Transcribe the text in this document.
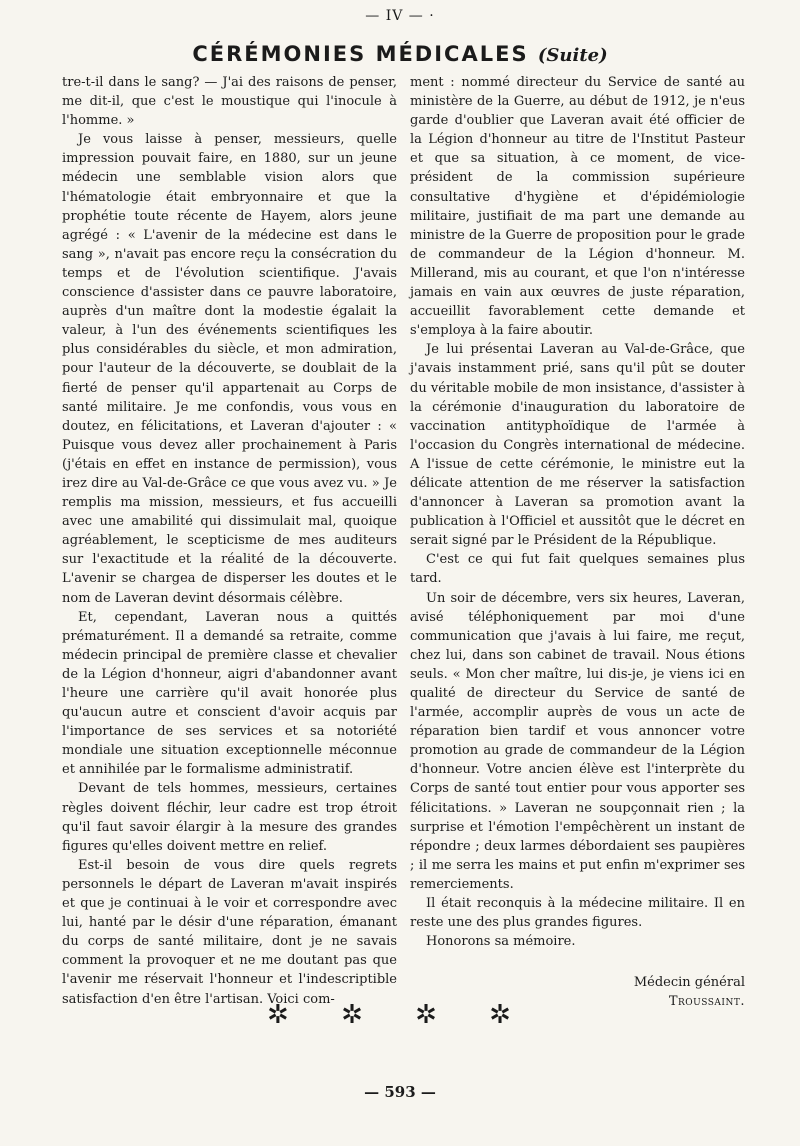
— IV — ·
CÉRÉMONIES MÉDICALES (Suite)

tre-t-il dans le sang? — J'ai des raisons de penser, me dit-il, que c'est le moustique qui l'inocule à l'homme. »

Je vous laisse à penser, messieurs, quelle impression pouvait faire, en 1880, sur un jeune médecin une semblable vision alors que l'hématologie était embryonnaire et que la prophétie toute récente de Hayem, alors jeune agrégé : « L'avenir de la médecine est dans le sang », n'avait pas encore reçu la consécration du temps et de l'évolution scientifique. J'avais conscience d'assister dans ce pauvre laboratoire, auprès d'un maître dont la modestie égalait la valeur, à l'un des événements scientifiques les plus considérables du siècle, et mon admiration, pour l'auteur de la découverte, se doublait de la fierté de penser qu'il appartenait au Corps de santé militaire. Je me confondis, vous vous en doutez, en félicitations, et Laveran d'ajouter : « Puisque vous devez aller prochainement à Paris (j'étais en effet en instance de permission), vous irez dire au Val-de-Grâce ce que vous avez vu. » Je remplis ma mission, messieurs, et fus accueilli avec une amabilité qui dissimulait mal, quoique agréablement, le scepticisme de mes auditeurs sur l'exactitude et la réalité de la découverte. L'avenir se chargea de disperser les doutes et le nom de Laveran devint désormais célèbre.

Et, cependant, Laveran nous a quittés prématurément. Il a demandé sa retraite, comme médecin principal de première classe et chevalier de la Légion d'honneur, aigri d'abandonner avant l'heure une carrière qu'il avait honorée plus qu'aucun autre et conscient d'avoir acquis par l'importance de ses services et sa notoriété mondiale une situation exceptionnelle méconnue et annihilée par le formalisme administratif.

Devant de tels hommes, messieurs, certaines règles doivent fléchir, leur cadre est trop étroit qu'il faut savoir élargir à la mesure des grandes figures qu'elles doivent mettre en relief.

Est-il besoin de vous dire quels regrets personnels le départ de Laveran m'avait inspirés et que je continuai à le voir et correspondre avec lui, hanté par le désir d'une réparation, émanant du corps de santé militaire, dont je ne savais comment la provoquer et ne me doutant pas que l'avenir me réservait l'honneur et l'indescriptible satisfaction d'en être l'artisan. Voici com-

ment : nommé directeur du Service de santé au ministère de la Guerre, au début de 1912, je n'eus garde d'oublier que Laveran avait été officier de la Légion d'honneur au titre de l'Institut Pasteur et que sa situation, à ce moment, de vice-président de la commission supérieure consultative d'hygiène et d'épidémiologie militaire, justifiait de ma part une demande au ministre de la Guerre de proposition pour le grade de commandeur de la Légion d'honneur. M. Millerand, mis au courant, et que l'on n'intéresse jamais en vain aux œuvres de juste réparation, accueillit favorablement cette demande et s'employa à la faire aboutir.

Je lui présentai Laveran au Val-de-Grâce, que j'avais instamment prié, sans qu'il pût se douter du véritable mobile de mon insistance, d'assister à la cérémonie d'inauguration du laboratoire de vaccination antityphoïdique de l'armée à l'occasion du Congrès international de médecine. A l'issue de cette cérémonie, le ministre eut la délicate attention de me réserver la satisfaction d'annoncer à Laveran sa promotion avant la publication à l'Officiel et aussitôt que le décret en serait signé par le Président de la République.

C'est ce qui fut fait quelques semaines plus tard.

Un soir de décembre, vers six heures, Laveran, avisé téléphoniquement par moi d'une communication que j'avais à lui faire, me reçut, chez lui, dans son cabinet de travail. Nous étions seuls. « Mon cher maître, lui dis-je, je viens ici en qualité de directeur du Service de santé de l'armée, accomplir auprès de vous un acte de réparation bien tardif et vous annoncer votre promotion au grade de commandeur de la Légion d'honneur. Votre ancien élève est l'interprète du Corps de santé tout entier pour vous apporter ses félicitations. » Laveran ne soupçonnait rien ; la surprise et l'émotion l'empêchèrent un instant de répondre ; deux larmes débordaient ses paupières ; il me serra les mains et put enfin m'exprimer ses remerciements.

Il était reconquis à la médecine militaire. Il en reste une des plus grandes figures.

Honorons sa mémoire.

Médecin général
Troussaint.
✲ ✲ ✲ ✲
— 593 —
